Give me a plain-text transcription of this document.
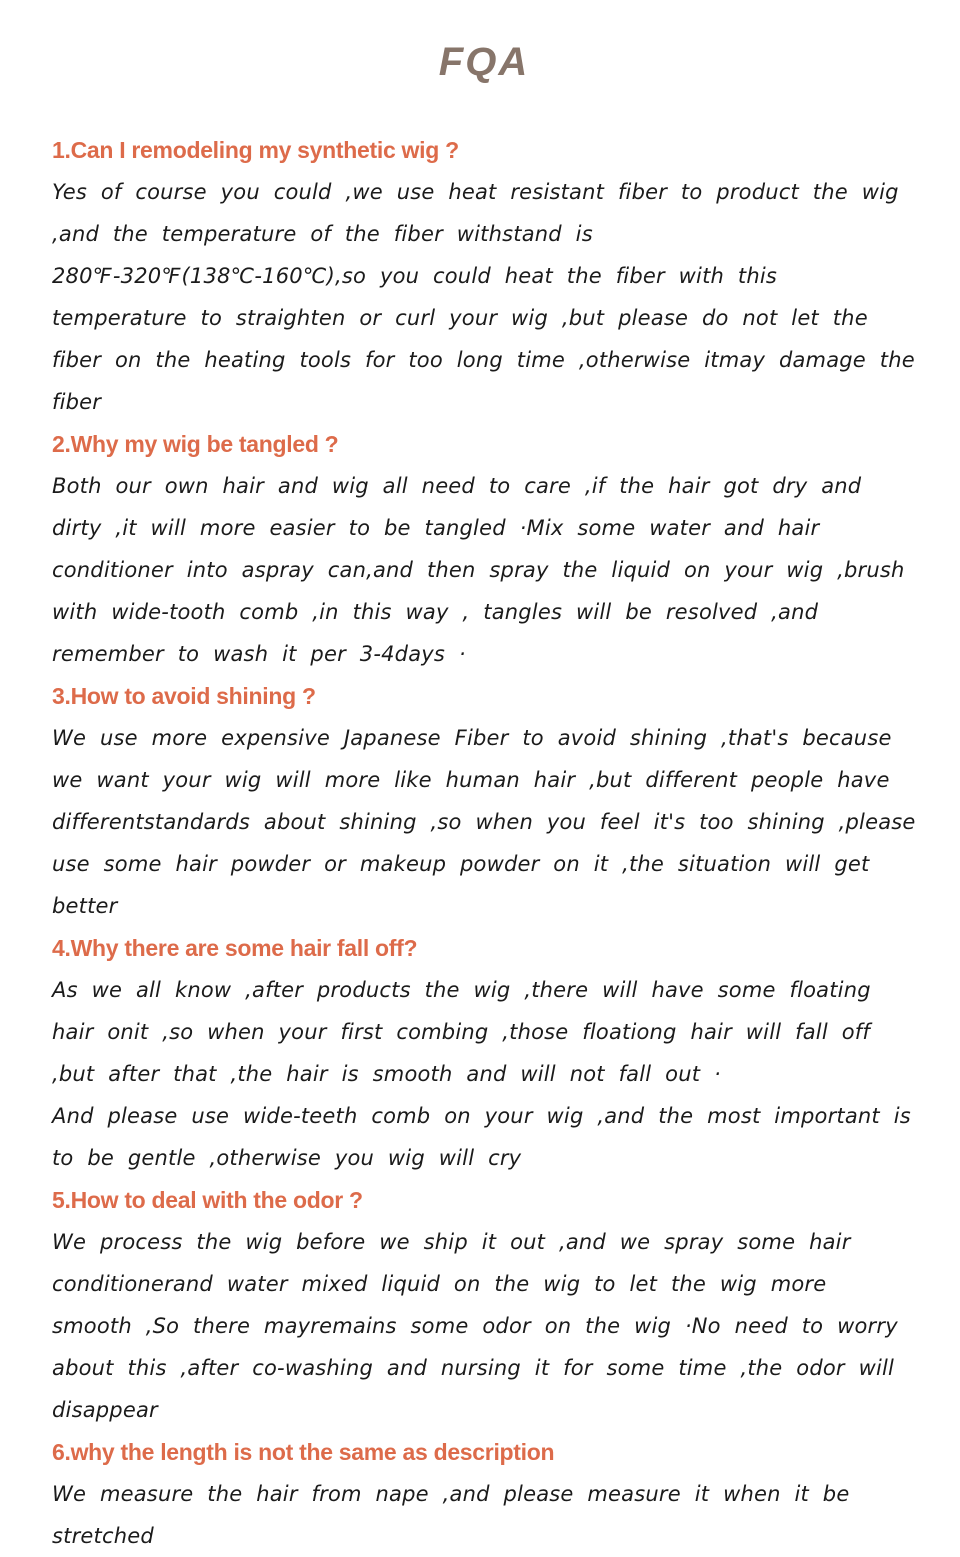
FQA
1.Can I remodeling my synthetic wig ?

Yes of course you could ,we use heat resistant fiber to product the wig ,and the temperature of the fiber withstand is 280℉-320℉(138℃-160℃),so you could heat the fiber with this temperature to straighten or curl your wig ,but please do not let the fiber on the heating tools for too long time ,otherwise itmay damage the fiber

2.Why my wig be tangled ?

Both our own hair and wig all need to care ,if the hair got dry and dirty ,it will more easier to be tangled ·Mix some water and hair conditioner into aspray can,and then spray the liquid on your wig ,brush with wide-tooth comb ,in this way , tangles will be resolved ,and remember to wash it per 3-4days ·

3.How to avoid shining ?

We use more expensive Japanese Fiber to avoid shining ,that's because we want your wig will more like human hair ,but different people have differentstandards about shining ,so when you feel it's too shining ,please use some hair powder or makeup powder on it ,the situation will get better

4.Why there are some hair fall off?

As we all know ,after products the wig ,there will have some floating hair onit ,so when your first combing ,those floationg hair will fall off ,but after that ,the hair is smooth and will not fall out ·

And please use wide-teeth comb on your wig ,and the most important is to be gentle ,otherwise you wig will cry

5.How to deal with the odor ?

We process the wig before we ship it out ,and we spray some hair conditionerand water mixed liquid on the wig to let the wig more smooth ,So there mayremains some odor on the wig ·No need to worry about this ,after co-washing and nursing it for some time ,the odor will disappear

6.why the length is not the same as description

We measure the hair from nape ,and please measure it when it be stretched
